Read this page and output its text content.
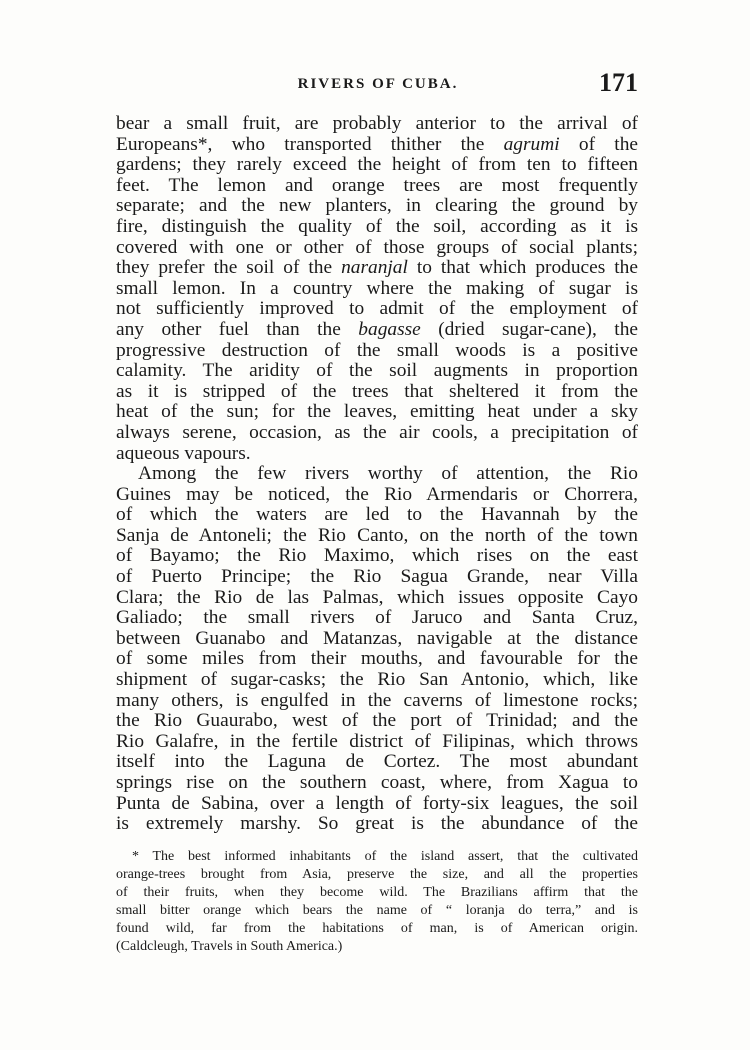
RIVERS OF CUBA.	171
bear a small fruit, are probably anterior to the arrival of
Europeans*, who transported thither the agrumi of the
gardens; they rarely exceed the height of from ten to fifteen
feet. The lemon and orange trees are most frequently
separate; and the new planters, in clearing the ground by
fire, distinguish the quality of the soil, according as it is
covered with one or other of those groups of social plants;
they prefer the soil of the naranjal to that which produces the
small lemon. In a country where the making of sugar is
not sufficiently improved to admit of the employment of
any other fuel than the bagasse (dried sugar-cane), the
progressive destruction of the small woods is a positive
calamity. The aridity of the soil augments in proportion
as it is stripped of the trees that sheltered it from the
heat of the sun; for the leaves, emitting heat under a sky
always serene, occasion, as the air cools, a precipitation of
aqueous vapours.
Among the few rivers worthy of attention, the Rio
Guines may be noticed, the Rio Armendaris or Chorrera,
of which the waters are led to the Havannah by the
Sanja de Antoneli; the Rio Canto, on the north of the town
of Bayamo; the Rio Maximo, which rises on the east
of Puerto Principe; the Rio Sagua Grande, near Villa
Clara; the Rio de las Palmas, which issues opposite Cayo
Galiado; the small rivers of Jaruco and Santa Cruz,
between Guanabo and Matanzas, navigable at the distance
of some miles from their mouths, and favourable for the
shipment of sugar-casks; the Rio San Antonio, which, like
many others, is engulfed in the caverns of limestone rocks;
the Rio Guaurabo, west of the port of Trinidad; and the
Rio Galafre, in the fertile district of Filipinas, which throws
itself into the Laguna de Cortez. The most abundant
springs rise on the southern coast, where, from Xagua to
Punta de Sabina, over a length of forty-six leagues, the soil
is extremely marshy. So great is the abundance of the
* The best informed inhabitants of the island assert, that the cultivated
orange-trees brought from Asia, preserve the size, and all the properties
of their fruits, when they become wild. The Brazilians affirm that the
small bitter orange which bears the name of “ loranja do terra,” and is
found wild, far from the habitations of man, is of American origin.
(Caldcleugh, Travels in South America.)
